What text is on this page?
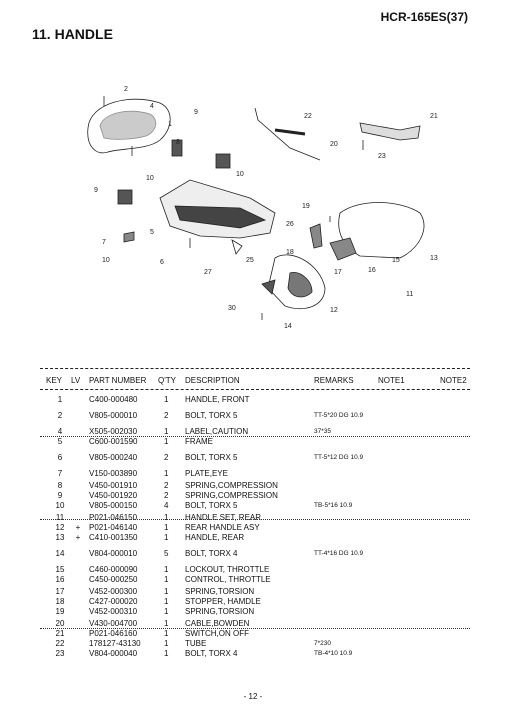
HCR-165ES(37)
11. HANDLE
2
4
1
9
8
10
10
9
7
10
5
6
27
25
26
22
20
21
23
19
18
17	16
15	13
11
12
30
14
KEY LV PART NUMBER Q'TY DESCRIPTION	REMARKS	NOTE1	NOTE2
1	C400-000480	1 HANDLE, FRONT
2	V805-000010	2 BOLT, TORX 5	TT-5*20 DG 10.9
4	X505-002030	1 LABEL,CAUTION	37*35
5	C600-001590	1 FRAME
6	V805-000240	2 BOLT, TORX 5	TT-5*12 DG 10.9
7	V150-003890	1 PLATE,EYE
8	V450-001910	2 SPRING,COMPRESSION
9	V450-001920	2 SPRING,COMPRESSION
10	V805-000150	4 BOLT, TORX 5	TB-5*16 10.9
11	P021-046150	1 HANDLE SET, REAR
12	+	P021-046140	1 REAR HANDLE ASY
13	+	C410-001350	1 HANDLE, REAR
14	V804-000010	5 BOLT, TORX 4	TT-4*16 DG 10.9
15	C460-000090	1 LOCKOUT, THROTTLE
16	C450-000250	1 CONTROL, THROTTLE
17	V452-000300	1 SPRING,TORSION
18	C427-000020	1 STOPPER, HAMDLE
19	V452-000310	1 SPRING,TORSION
20	V430-004700	1 CABLE,BOWDEN
21	P021-046160	1 SWITCH,ON OFF
22	178127-43130	1 TUBE	7*230
23	V804-000040	1 BOLT, TORX 4	TB-4*10 10.9
- 12 -
